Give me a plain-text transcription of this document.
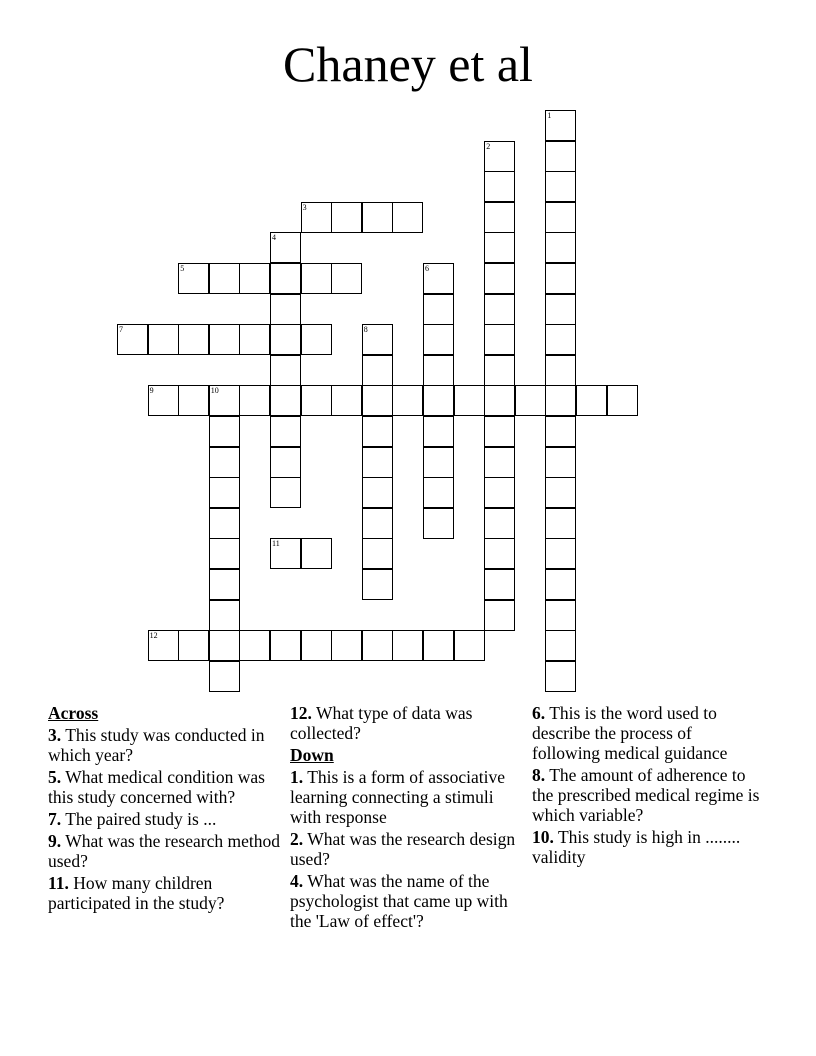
Chaney et al
3
5
7
9	10
11
12
1
2
4
6
8
Across
3. This study was conducted in which year?
5. What medical condition was this study concerned with?
7. The paired study is ...
9. What was the research method used?
11. How many children participated in the study?
12. What type of data was collected?
Down
1. This is a form of associative learning connecting a stimuli with response
2. What was the research design used?
4. What was the name of the psychologist that came up with the 'Law of effect'?
6. This is the word used to describe the process of following medical guidance
8. The amount of adherence to the prescribed medical regime is which variable?
10. This study is high in ........ validity
